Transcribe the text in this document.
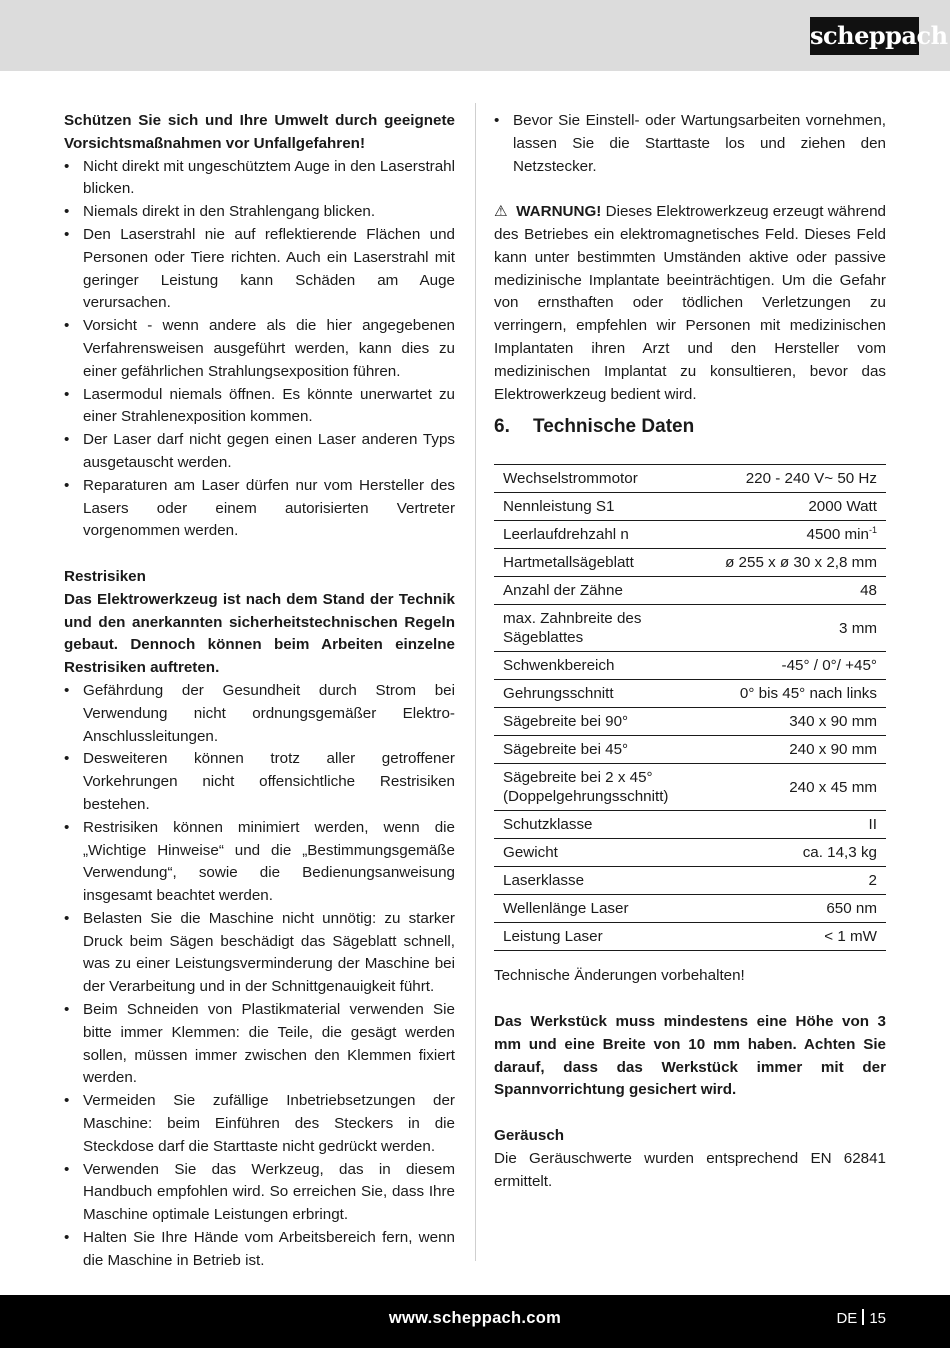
scheppach

Schützen Sie sich und Ihre Umwelt durch geeignete Vorsichtsmaßnahmen vor Unfallgefahren!

• Nicht direkt mit ungeschütztem Auge in den Laserstrahl blicken.
• Niemals direkt in den Strahlengang blicken.
• Den Laserstrahl nie auf reflektierende Flächen und Personen oder Tiere richten. Auch ein Laserstrahl mit geringer Leistung kann Schäden am Auge verursachen.
• Vorsicht - wenn andere als die hier angegebenen Verfahrensweisen ausgeführt werden, kann dies zu einer gefährlichen Strahlungsexposition führen.
• Lasermodul niemals öffnen. Es könnte unerwartet zu einer Strahlenexposition kommen.
• Der Laser darf nicht gegen einen Laser anderen Typs ausgetauscht werden.
• Reparaturen am Laser dürfen nur vom Hersteller des Lasers oder einem autorisierten Vertreter vorgenommen werden.

Restrisiken

Das Elektrowerkzeug ist nach dem Stand der Technik und den anerkannten sicherheitstechnischen Regeln gebaut. Dennoch können beim Arbeiten einzelne Restrisiken auftreten.

• Gefährdung der Gesundheit durch Strom bei Verwendung nicht ordnungsgemäßer Elektro-Anschlussleitungen.
• Desweiteren können trotz aller getroffener Vorkehrungen nicht offensichtliche Restrisiken bestehen.
• Restrisiken können minimiert werden, wenn die „Wichtige Hinweise“ und die „Bestimmungsgemäße Verwendung“, sowie die Bedienungsanweisung insgesamt beachtet werden.
• Belasten Sie die Maschine nicht unnötig: zu starker Druck beim Sägen beschädigt das Sägeblatt schnell, was zu einer Leistungsverminderung der Maschine bei der Verarbeitung und in der Schnittgenauigkeit führt.
• Beim Schneiden von Plastikmaterial verwenden Sie bitte immer Klemmen: die Teile, die gesägt werden sollen, müssen immer zwischen den Klemmen fixiert werden.
• Vermeiden Sie zufällige Inbetriebsetzungen der Maschine: beim Einführen des Steckers in die Steckdose darf die Starttaste nicht gedrückt werden.
• Verwenden Sie das Werkzeug, das in diesem Handbuch empfohlen wird. So erreichen Sie, dass Ihre Maschine optimale Leistungen erbringt.
• Halten Sie Ihre Hände vom Arbeitsbereich fern, wenn die Maschine in Betrieb ist.
• Bevor Sie Einstell- oder Wartungsarbeiten vornehmen, lassen Sie die Starttaste los und ziehen den Netzstecker.

⚠ WARNUNG! Dieses Elektrowerkzeug erzeugt während des Betriebes ein elektromagnetisches Feld. Dieses Feld kann unter bestimmten Umständen aktive oder passive medizinische Implantate beeinträchtigen. Um die Gefahr von ernsthaften oder tödlichen Verletzungen zu verringern, empfehlen wir Personen mit medizinischen Implantaten ihren Arzt und den Hersteller vom medizinischen Implantat zu konsultieren, bevor das Elektrowerkzeug bedient wird.

6. Technische Daten
Wechselstrommotor	220 - 240 V~ 50 Hz
Nennleistung S1	2000 Watt
Leerlaufdrehzahl n	4500 $\min^{-1}$
Hartmetallsägeblatt	ø 255 x ø 30 x 2,8 mm
Anzahl der Zähne	48
max. Zahnbreite des Sägeblattes	3 mm
Schwenkbereich	-45° / 0°/ +45°
Gehrungsschnitt	0° bis 45° nach links
Sägebreite bei 90°	340 x 90 mm
Sägebreite bei 45°	240 x 90 mm
Sägebreite bei 2 x 45° (Doppelgehrungsschnitt)	240 x 45 mm
Schutzklasse	II
Gewicht	ca. 14,3 kg
Laserklasse	2
Wellenlänge Laser	650 nm
Leistung Laser	< 1 mW

Technische Änderungen vorbehalten!

Das Werkstück muss mindestens eine Höhe von 3 mm und eine Breite von 10 mm haben. Achten Sie darauf, dass das Werkstück immer mit der Spannvorrichtung gesichert wird.

Geräusch

Die Geräuschwerte wurden entsprechend EN 62841 ermittelt.

www.scheppach.com	DE 15
